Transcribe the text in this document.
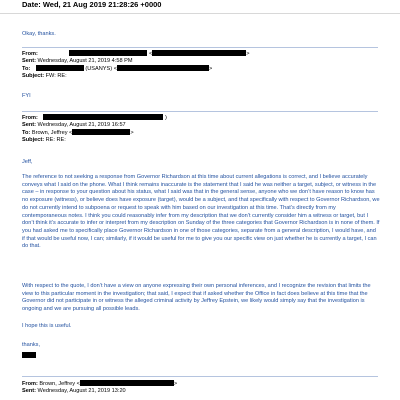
Date: Wed, 21 Aug 2019 21:28:26 +0000
Okay, thanks.
From:	<	>
Sent: Wednesday, August 21, 2019 4:58 PM
To:	(USANYS) <	>
Subject: FW: RE:
FYI
From:	)
Sent: Wednesday, August 21, 2019 16:57
To: Brown, Jeffrey <	>
Subject: RE: RE:
Jeff,

The reference to not seeking a response from Governor Richardson at this time about current allegations is correct, and I believe accurately conveys what I said on the phone. What I think remains inaccurate is the statement that I said he was neither a target, subject, or witness in the case – in response to your question about his status, what I said was that in the general sense, anyone who we don’t have reason to know has no exposure (witness), or believe does have exposure (target), would be a subject, and that specifically with respect to Governor Richardson, we do not currently intend to subpoena or request to speak with him based on our investigation at this time. That’s directly from my contemporaneous notes. I think you could reasonably infer from my description that we don’t currently consider him a witness or target, but I don’t think it’s accurate to infer or interpret from my description on Sunday of the three categories that Governor Richardson is in none of them. If you had asked me to specifically place Governor Richardson in one of those categories, separate from a general description, I would have, and if that would be useful now, I can; similarly, if it would be useful for me to give you our specific view on just whether he is currently a target, I can do that.

With respect to the quote, I don’t have a view on anyone expressing their own personal inferences, and I recognize the revision that limits the view to this particular moment in the investigation; that said, I expect that if asked whether the Office in fact does believe at this time that the Governor did not participate in or witness the alleged criminal activity by Jeffrey Epstein, we likely would simply say that the investigation is ongoing and we are pursuing all possible leads.

I hope this is useful.

thanks,
From: Brown, Jeffrey <	>
Sent: Wednesday, August 21, 2019 13:20
